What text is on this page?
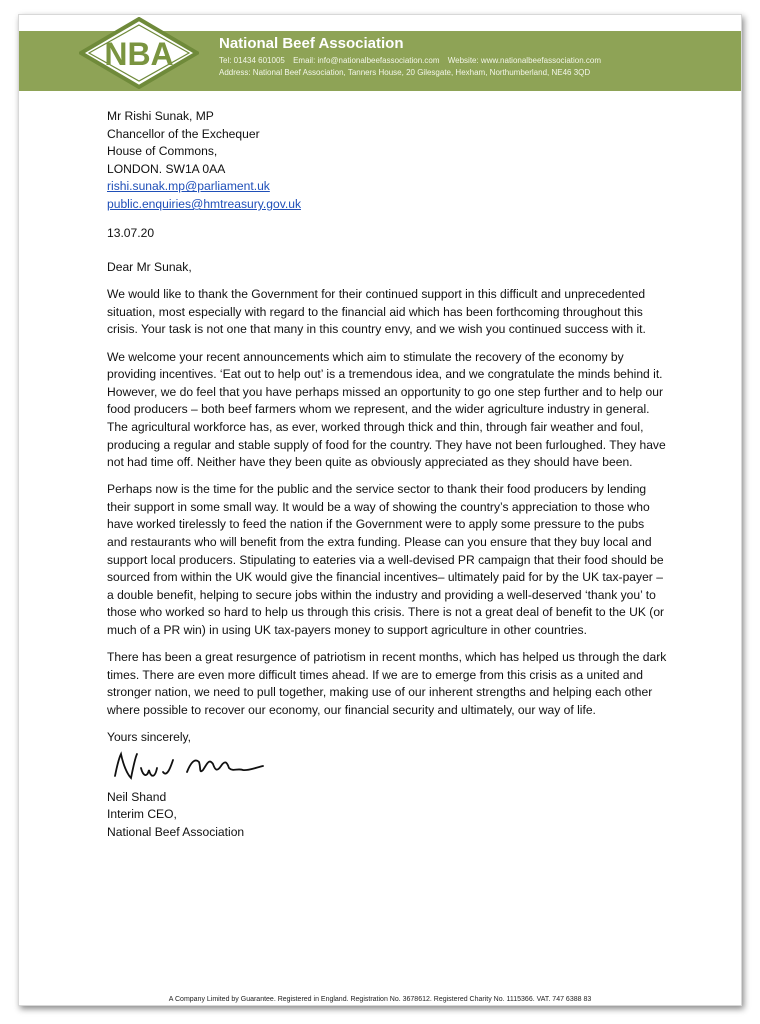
NBA	National Beef Association
Tel: 01434 601005 Email: info@nationalbeefassociation.com Website: www.nationalbeefassociation.com
Address: National Beef Association, Tanners House, 20 Gilesgate, Hexham, Northumberland, NE46 3QD
Mr Rishi Sunak, MP
Chancellor of the Exchequer
House of Commons,
LONDON. SW1A 0AA
rishi.sunak.mp@parliament.uk
public.enquiries@hmtreasury.gov.uk

13.07.20

Dear Mr Sunak,

We would like to thank the Government for their continued support in this difficult and unprecedented situation, most especially with regard to the financial aid which has been forthcoming throughout this crisis. Your task is not one that many in this country envy, and we wish you continued success with it.

We welcome your recent announcements which aim to stimulate the recovery of the economy by providing incentives. ‘Eat out to help out’ is a tremendous idea, and we congratulate the minds behind it. However, we do feel that you have perhaps missed an opportunity to go one step further and to help our food producers – both beef farmers whom we represent, and the wider agriculture industry in general. The agricultural workforce has, as ever, worked through thick and thin, through fair weather and foul, producing a regular and stable supply of food for the country. They have not been furloughed. They have not had time off. Neither have they been quite as obviously appreciated as they should have been.

Perhaps now is the time for the public and the service sector to thank their food producers by lending their support in some small way. It would be a way of showing the country’s appreciation to those who have worked tirelessly to feed the nation if the Government were to apply some pressure to the pubs and restaurants who will benefit from the extra funding. Please can you ensure that they buy local and support local producers. Stipulating to eateries via a well-devised PR campaign that their food should be sourced from within the UK would give the financial incentives– ultimately paid for by the UK tax-payer – a double benefit, helping to secure jobs within the industry and providing a well-deserved ‘thank you’ to those who worked so hard to help us through this crisis. There is not a great deal of benefit to the UK (or much of a PR win) in using UK tax-payers money to support agriculture in other countries.

There has been a great resurgence of patriotism in recent months, which has helped us through the dark times. There are even more difficult times ahead. If we are to emerge from this crisis as a united and stronger nation, we need to pull together, making use of our inherent strengths and helping each other where possible to recover our economy, our financial security and ultimately, our way of life.

Yours sincerely,
Neil Shand
Interim CEO,
National Beef Association
A Company Limited by Guarantee. Registered in England. Registration No. 3678612. Registered Charity No. 1115366. VAT. 747 6388 83
